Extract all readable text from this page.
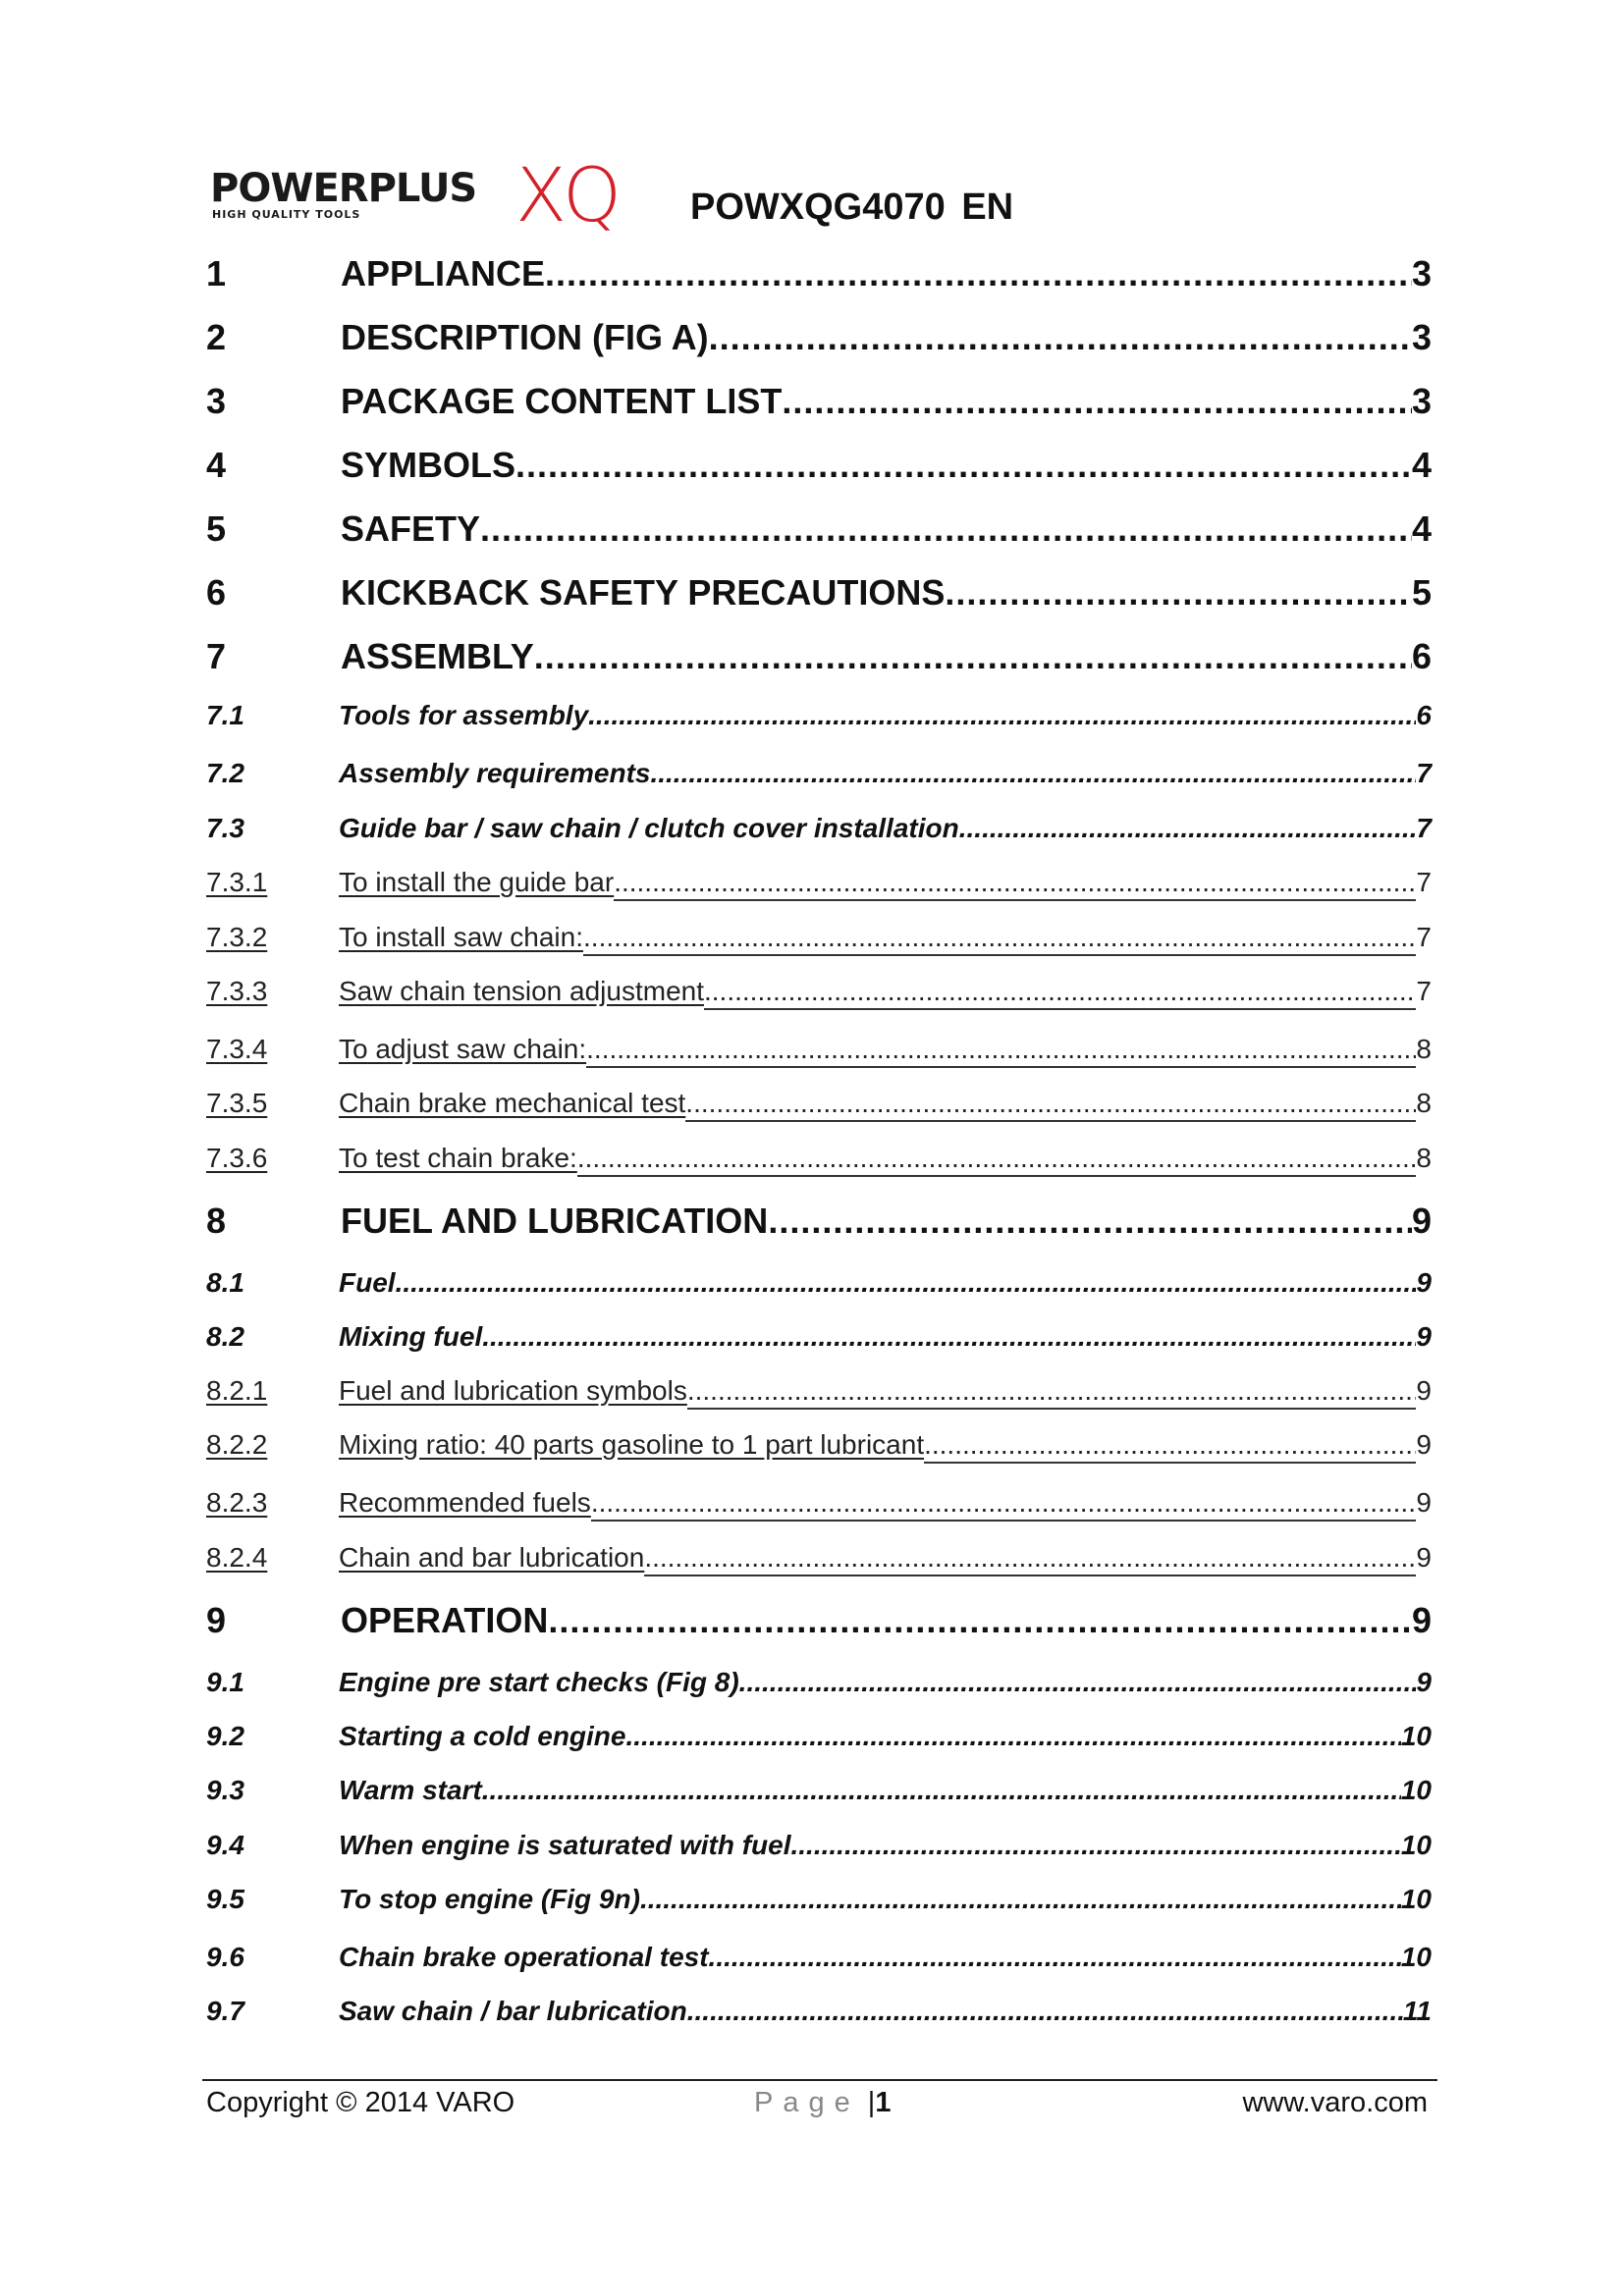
POWERPLUS
HIGH QUALITY TOOLS XQ POWXQG4070 EN
1	APPLIANCE .....	3
2	DESCRIPTION (FIG A) .....	3
3	PACKAGE CONTENT LIST .....	3
4	SYMBOLS .....	4
5	SAFETY .....	4
6	KICKBACK SAFETY PRECAUTIONS .....	5
7	ASSEMBLY .....	6
7.1	Tools for assembly .....	6
7.2	Assembly requirements .....	7
7.3	Guide bar / saw chain / clutch cover installation .....	7
7.3.1	To install the guide bar .....	7
7.3.2	To install saw chain: .....	7
7.3.3	Saw chain tension adjustment .....	7
7.3.4	To adjust saw chain: .....	8
7.3.5	Chain brake mechanical test .....	8
7.3.6	To test chain brake: .....	8
8	FUEL AND LUBRICATION .....	9
8.1	Fuel .....	9
8.2	Mixing fuel .....	9
8.2.1	Fuel and lubrication symbols .....	9
8.2.2	Mixing ratio: 40 parts gasoline to 1 part lubricant .....	9
8.2.3	Recommended fuels .....	9
8.2.4	Chain and bar lubrication .....	9
9	OPERATION .....	9
9.1	Engine pre start checks (Fig 8) .....	9
9.2	Starting a cold engine .....	10
9.3	Warm start .....	10
9.4	When engine is saturated with fuel .....	10
9.5	To stop engine (Fig 9n) .....	10
9.6	Chain brake operational test .....	10
9.7	Saw chain / bar lubrication .....	11
Copyright © 2014 VARO	Page |1	www.varo.com
